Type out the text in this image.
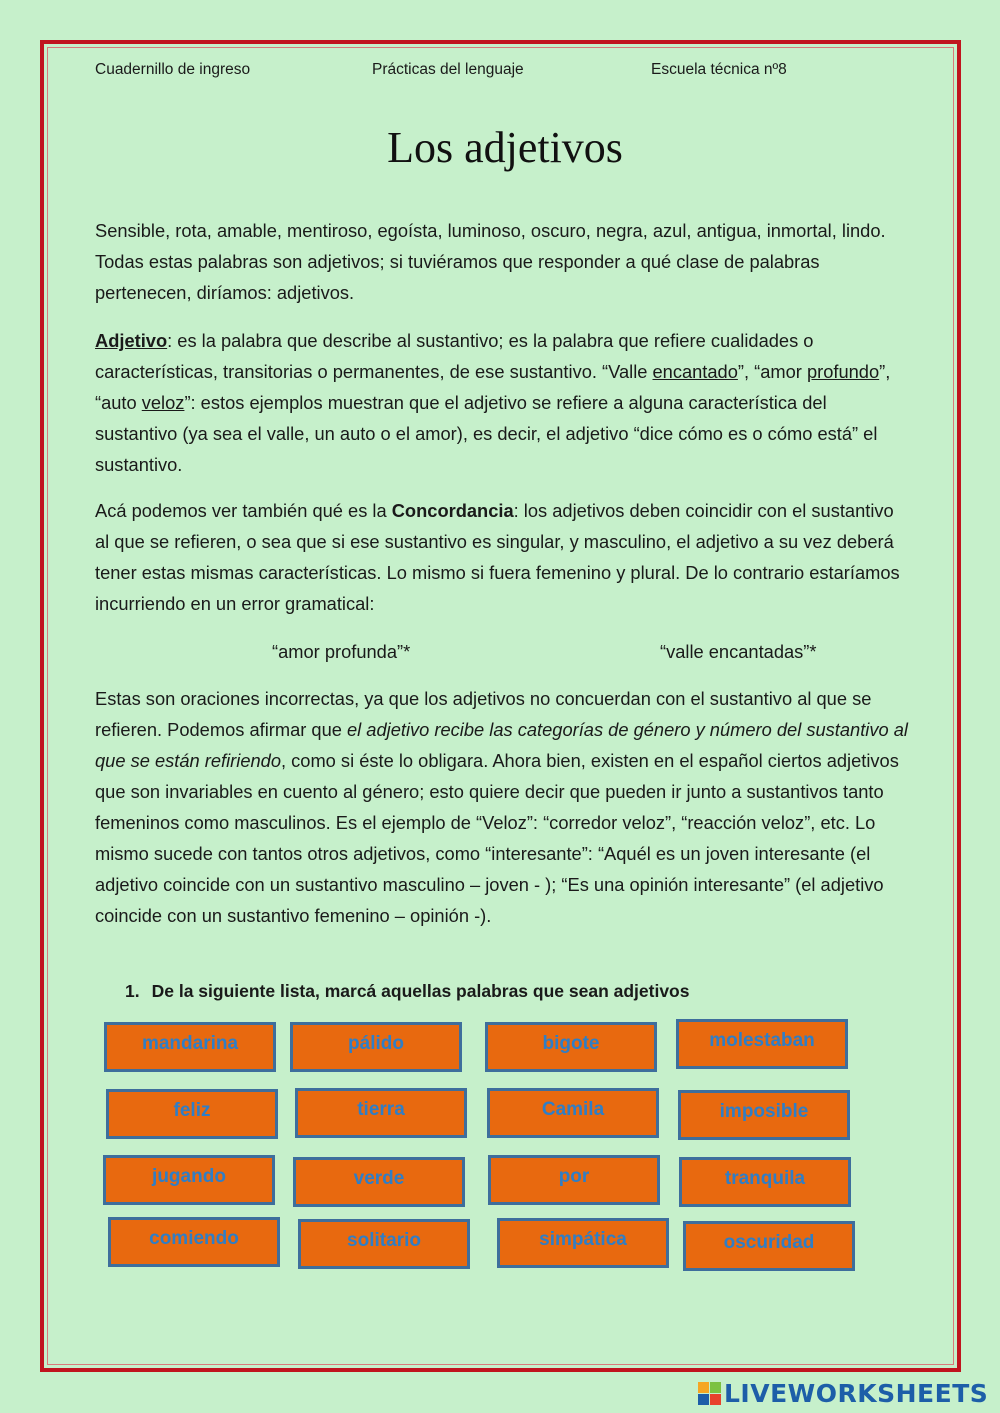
Cuadernillo de ingreso	Prácticas del lenguaje	Escuela técnica nº8
Los adjetivos
Sensible, rota, amable, mentiroso, egoísta, luminoso, oscuro, negra, azul, antigua, inmortal, lindo. Todas estas palabras son adjetivos; si tuviéramos que responder a qué clase de palabras pertenecen, diríamos: adjetivos.
Adjetivo: es la palabra que describe al sustantivo; es la palabra que refiere cualidades o características, transitorias o permanentes, de ese sustantivo. “Valle encantado”, “amor profundo”, “auto veloz”: estos ejemplos muestran que el adjetivo se refiere a alguna característica del sustantivo (ya sea el valle, un auto o el amor), es decir, el adjetivo “dice cómo es o cómo está” el sustantivo.
Acá podemos ver también qué es la Concordancia: los adjetivos deben coincidir con el sustantivo al que se refieren, o sea que si ese sustantivo es singular, y masculino, el adjetivo a su vez deberá tener estas mismas características. Lo mismo si fuera femenino y plural. De lo contrario estaríamos incurriendo en un error gramatical:
“amor profunda”*	“valle encantadas”*
Estas son oraciones incorrectas, ya que los adjetivos no concuerdan con el sustantivo al que se refieren. Podemos afirmar que el adjetivo recibe las categorías de género y número del sustantivo al que se están refiriendo, como si éste lo obligara. Ahora bien, existen en el español ciertos adjetivos que son invariables en cuento al género; esto quiere decir que pueden ir junto a sustantivos tanto femeninos como masculinos. Es el ejemplo de “Veloz”: “corredor veloz”, “reacción veloz”, etc. Lo mismo sucede con tantos otros adjetivos, como “interesante”: “Aquél es un joven interesante (el adjetivo coincide con un sustantivo masculino – joven - ); “Es una opinión interesante” (el adjetivo coincide con un sustantivo femenino – opinión -).
1. De la siguiente lista, marcá aquellas palabras que sean adjetivos
mandarina	pálido	bigote	molestaban
feliz	tierra	Camila	imposible
jugando	verde	por	tranquila
comiendo	solitario	simpática	oscuridad
LIVEWORKSHEETS
